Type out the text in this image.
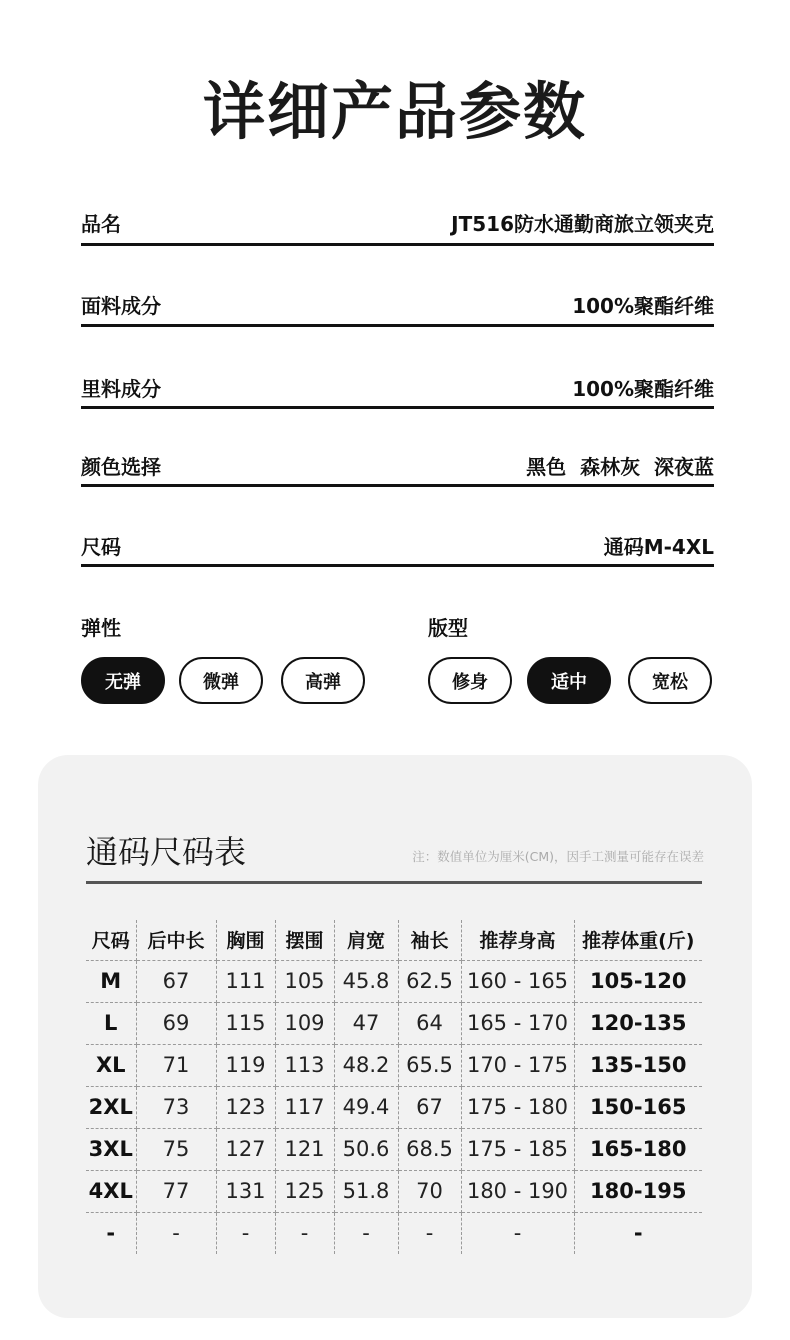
详细产品参数
品名	JT516防水通勤商旅立领夹克
面料成分	100%聚酯纤维
里料成分	100%聚酯纤维
颜色选择	黑色  森林灰  深夜蓝
尺码	通码M-4XL
弹性
无弹	微弹	高弹
版型
修身	适中	宽松
通码尺码表	注：数值单位为厘米(CM)，因手工测量可能存在误差
尺码	后中长	胸围	摆围	肩宽	袖长	推荐身高	推荐体重(斤)
M	67	111	105	45.8	62.5	160 - 165	105-120
L	69	115	109	47	64	165 - 170	120-135
XL	71	119	113	48.2	65.5	170 - 175	135-150
2XL	73	123	117	49.4	67	175 - 180	150-165
3XL	75	127	121	50.6	68.5	175 - 185	165-180
4XL	77	131	125	51.8	70	180 - 190	180-195
-	-	-	-	-	-	-	-
